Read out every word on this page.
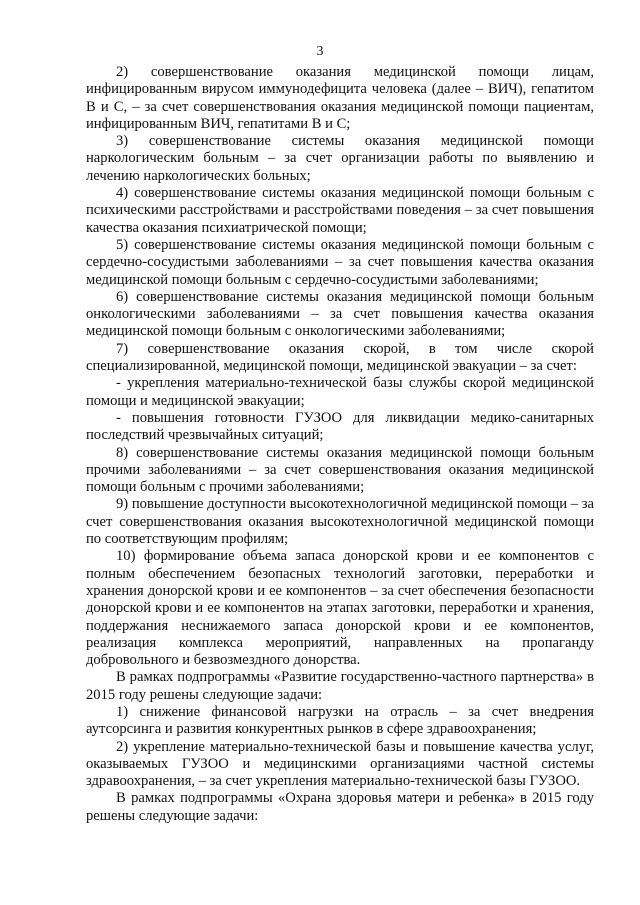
3

2) совершенствование оказания медицинской помощи лицам, инфицированным вирусом иммунодефицита человека (далее – ВИЧ), гепатитом В и С, – за счет совершенствования оказания медицинской помощи пациентам, инфицированным ВИЧ, гепатитами В и С;

3) совершенствование системы оказания медицинской помощи наркологическим больным – за счет организации работы по выявлению и лечению наркологических больных;

4) совершенствование системы оказания медицинской помощи больным с психическими расстройствами и расстройствами поведения – за счет повышения качества оказания психиатрической помощи;

5) совершенствование системы оказания медицинской помощи больным с сердечно-сосудистыми заболеваниями – за счет повышения качества оказания медицинской помощи больным с сердечно-сосудистыми заболеваниями;

6) совершенствование системы оказания медицинской помощи больным онкологическими заболеваниями – за счет повышения качества оказания медицинской помощи больным с онкологическими заболеваниями;

7) совершенствование оказания скорой, в том числе скорой специализированной, медицинской помощи, медицинской эвакуации – за счет:

- укрепления материально-технической базы службы скорой медицинской помощи и медицинской эвакуации;

- повышения готовности ГУЗОО для ликвидации медико-санитарных последствий чрезвычайных ситуаций;

8) совершенствование системы оказания медицинской помощи больным прочими заболеваниями – за счет совершенствования оказания медицинской помощи больным с прочими заболеваниями;

9) повышение доступности высокотехнологичной медицинской помощи – за счет совершенствования оказания высокотехнологичной медицинской помощи по соответствующим профилям;

10) формирование объема запаса донорской крови и ее компонентов с полным обеспечением безопасных технологий заготовки, переработки и хранения донорской крови и ее компонентов – за счет обеспечения безопасности донорской крови и ее компонентов на этапах заготовки, переработки и хранения, поддержания неснижаемого запаса донорской крови и ее компонентов, реализация комплекса мероприятий, направленных на пропаганду добровольного и безвозмездного донорства.

В рамках подпрограммы «Развитие государственно-частного партнерства» в 2015 году решены следующие задачи:

1) снижение финансовой нагрузки на отрасль – за счет внедрения аутсорсинга и развития конкурентных рынков в сфере здравоохранения;

2) укрепление материально-технической базы и повышение качества услуг, оказываемых ГУЗОО и медицинскими организациями частной системы здравоохранения, – за счет укрепления материально-технической базы ГУЗОО.

В рамках подпрограммы «Охрана здоровья матери и ребенка» в 2015 году решены следующие задачи:
